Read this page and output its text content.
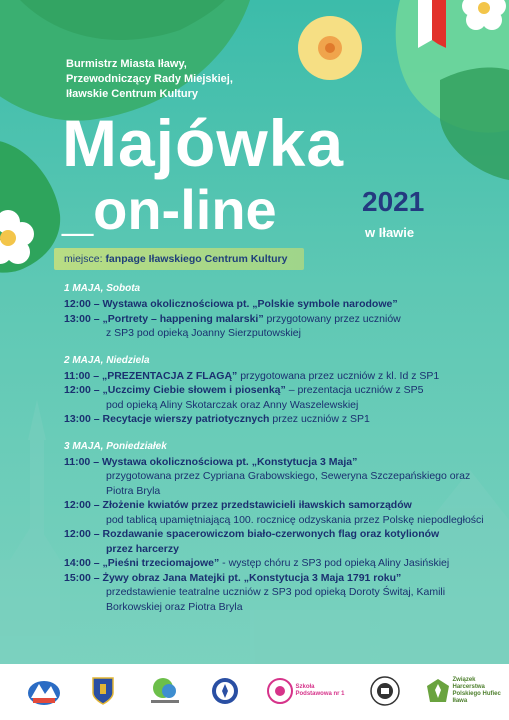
Burmistrz Miasta Iławy,
Przewodniczący Rady Miejskiej,
Iławskie Centrum Kultury
Majówka
_on-line	2021
w Iławie
miejsce: fanpage Iławskiego Centrum Kultury
1 MAJA, Sobota
12:00 – Wystawa okolicznościowa pt. „Polskie symbole narodowe”
13:00 – „Portrety – happening malarski” przygotowany przez uczniów
z SP3 pod opieką Joanny Sierzputowskiej
2 MAJA, Niedziela
11:00 – „PREZENTACJA Z FLAGĄ” przygotowana przez uczniów z kl. Id z SP1
12:00 – „Uczcimy Ciebie słowem i piosenką” – prezentacja uczniów z SP5
pod opieką Aliny Skotarczak oraz Anny Waszelewskiej
13:00 – Recytacje wierszy patriotycznych przez uczniów z SP1
3 MAJA, Poniedziałek
11:00 – Wystawa okolicznościowa pt. „Konstytucja 3 Maja”
przygotowana przez Cypriana Grabowskiego, Seweryna Szczepańskiego oraz Piotra Bryla
12:00 – Złożenie kwiatów przez przedstawicieli iławskich samorządów
pod tablicą upamiętniającą 100. rocznicę odzyskania przez Polskę niepodległości
12:00 – Rozdawanie spacerowiczom biało-czerwonych flag oraz kotylionów
przez harcerzy
14:00 – „Pieśni trzeciomajowe” - występ chóru z SP3 pod opieką Aliny Jasińskiej
15:00 – Żywy obraz Jana Matejki pt. „Konstytucja 3 Maja 1791 roku”
przedstawienie teatralne uczniów z SP3 pod opieką Doroty Świtaj, Kamili Borkowskiej oraz Piotra Bryla
Szkoła Podstawowa nr 1
Związek Harcerstwa Polskiego Hufiec Iława
